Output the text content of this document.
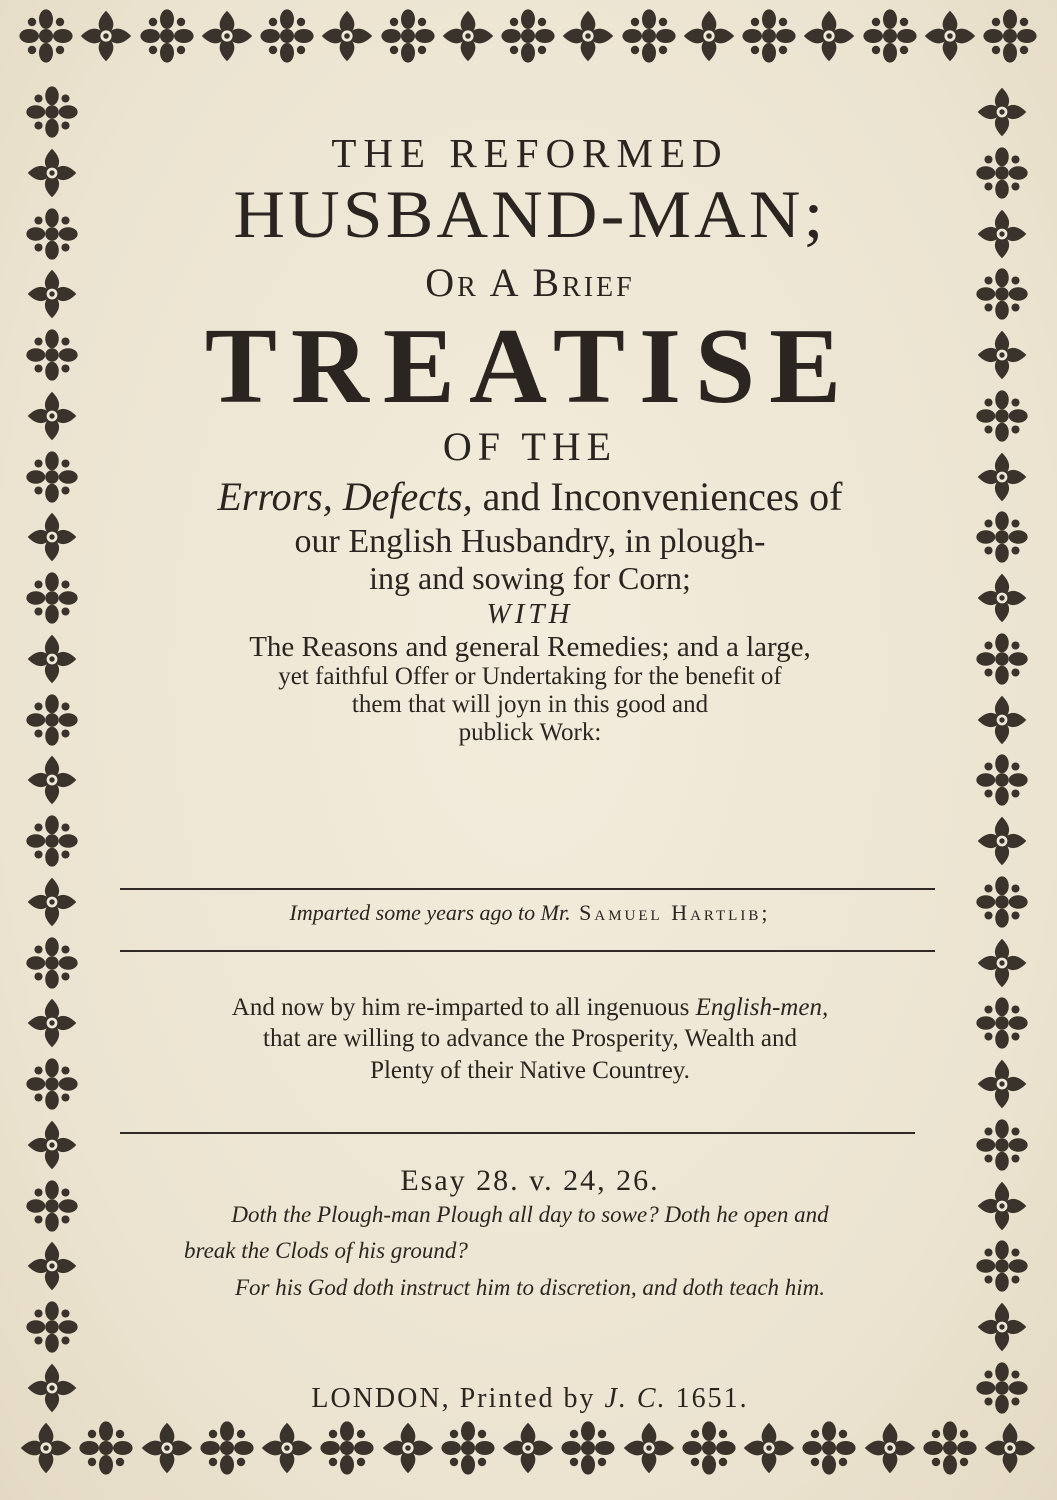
THE REFORMED
HUSBAND-MAN;
Or A Brief
TREATISE
OF THE
Errors, Defects, and Inconveniences of
our English Husbandry, in plough-
ing and sowing for Corn;
WITH
The Reasons and general Remedies; and a large,
yet faithful Offer or Undertaking for the benefit of
them that will joyn in this good and
publick Work:
Imparted some years ago to Mr. Samuel Hartlib;
And now by him re-imparted to all ingenuous English-men,
that are willing to advance the Prosperity, Wealth and
Plenty of their Native Countrey.
Esay 28. v. 24, 26.
Doth the Plough-man Plough all day to sowe? Doth he open and
break the Clods of his ground?
For his God doth instruct him to discretion, and doth teach him.
LONDON, Printed by J. C. 1651.
